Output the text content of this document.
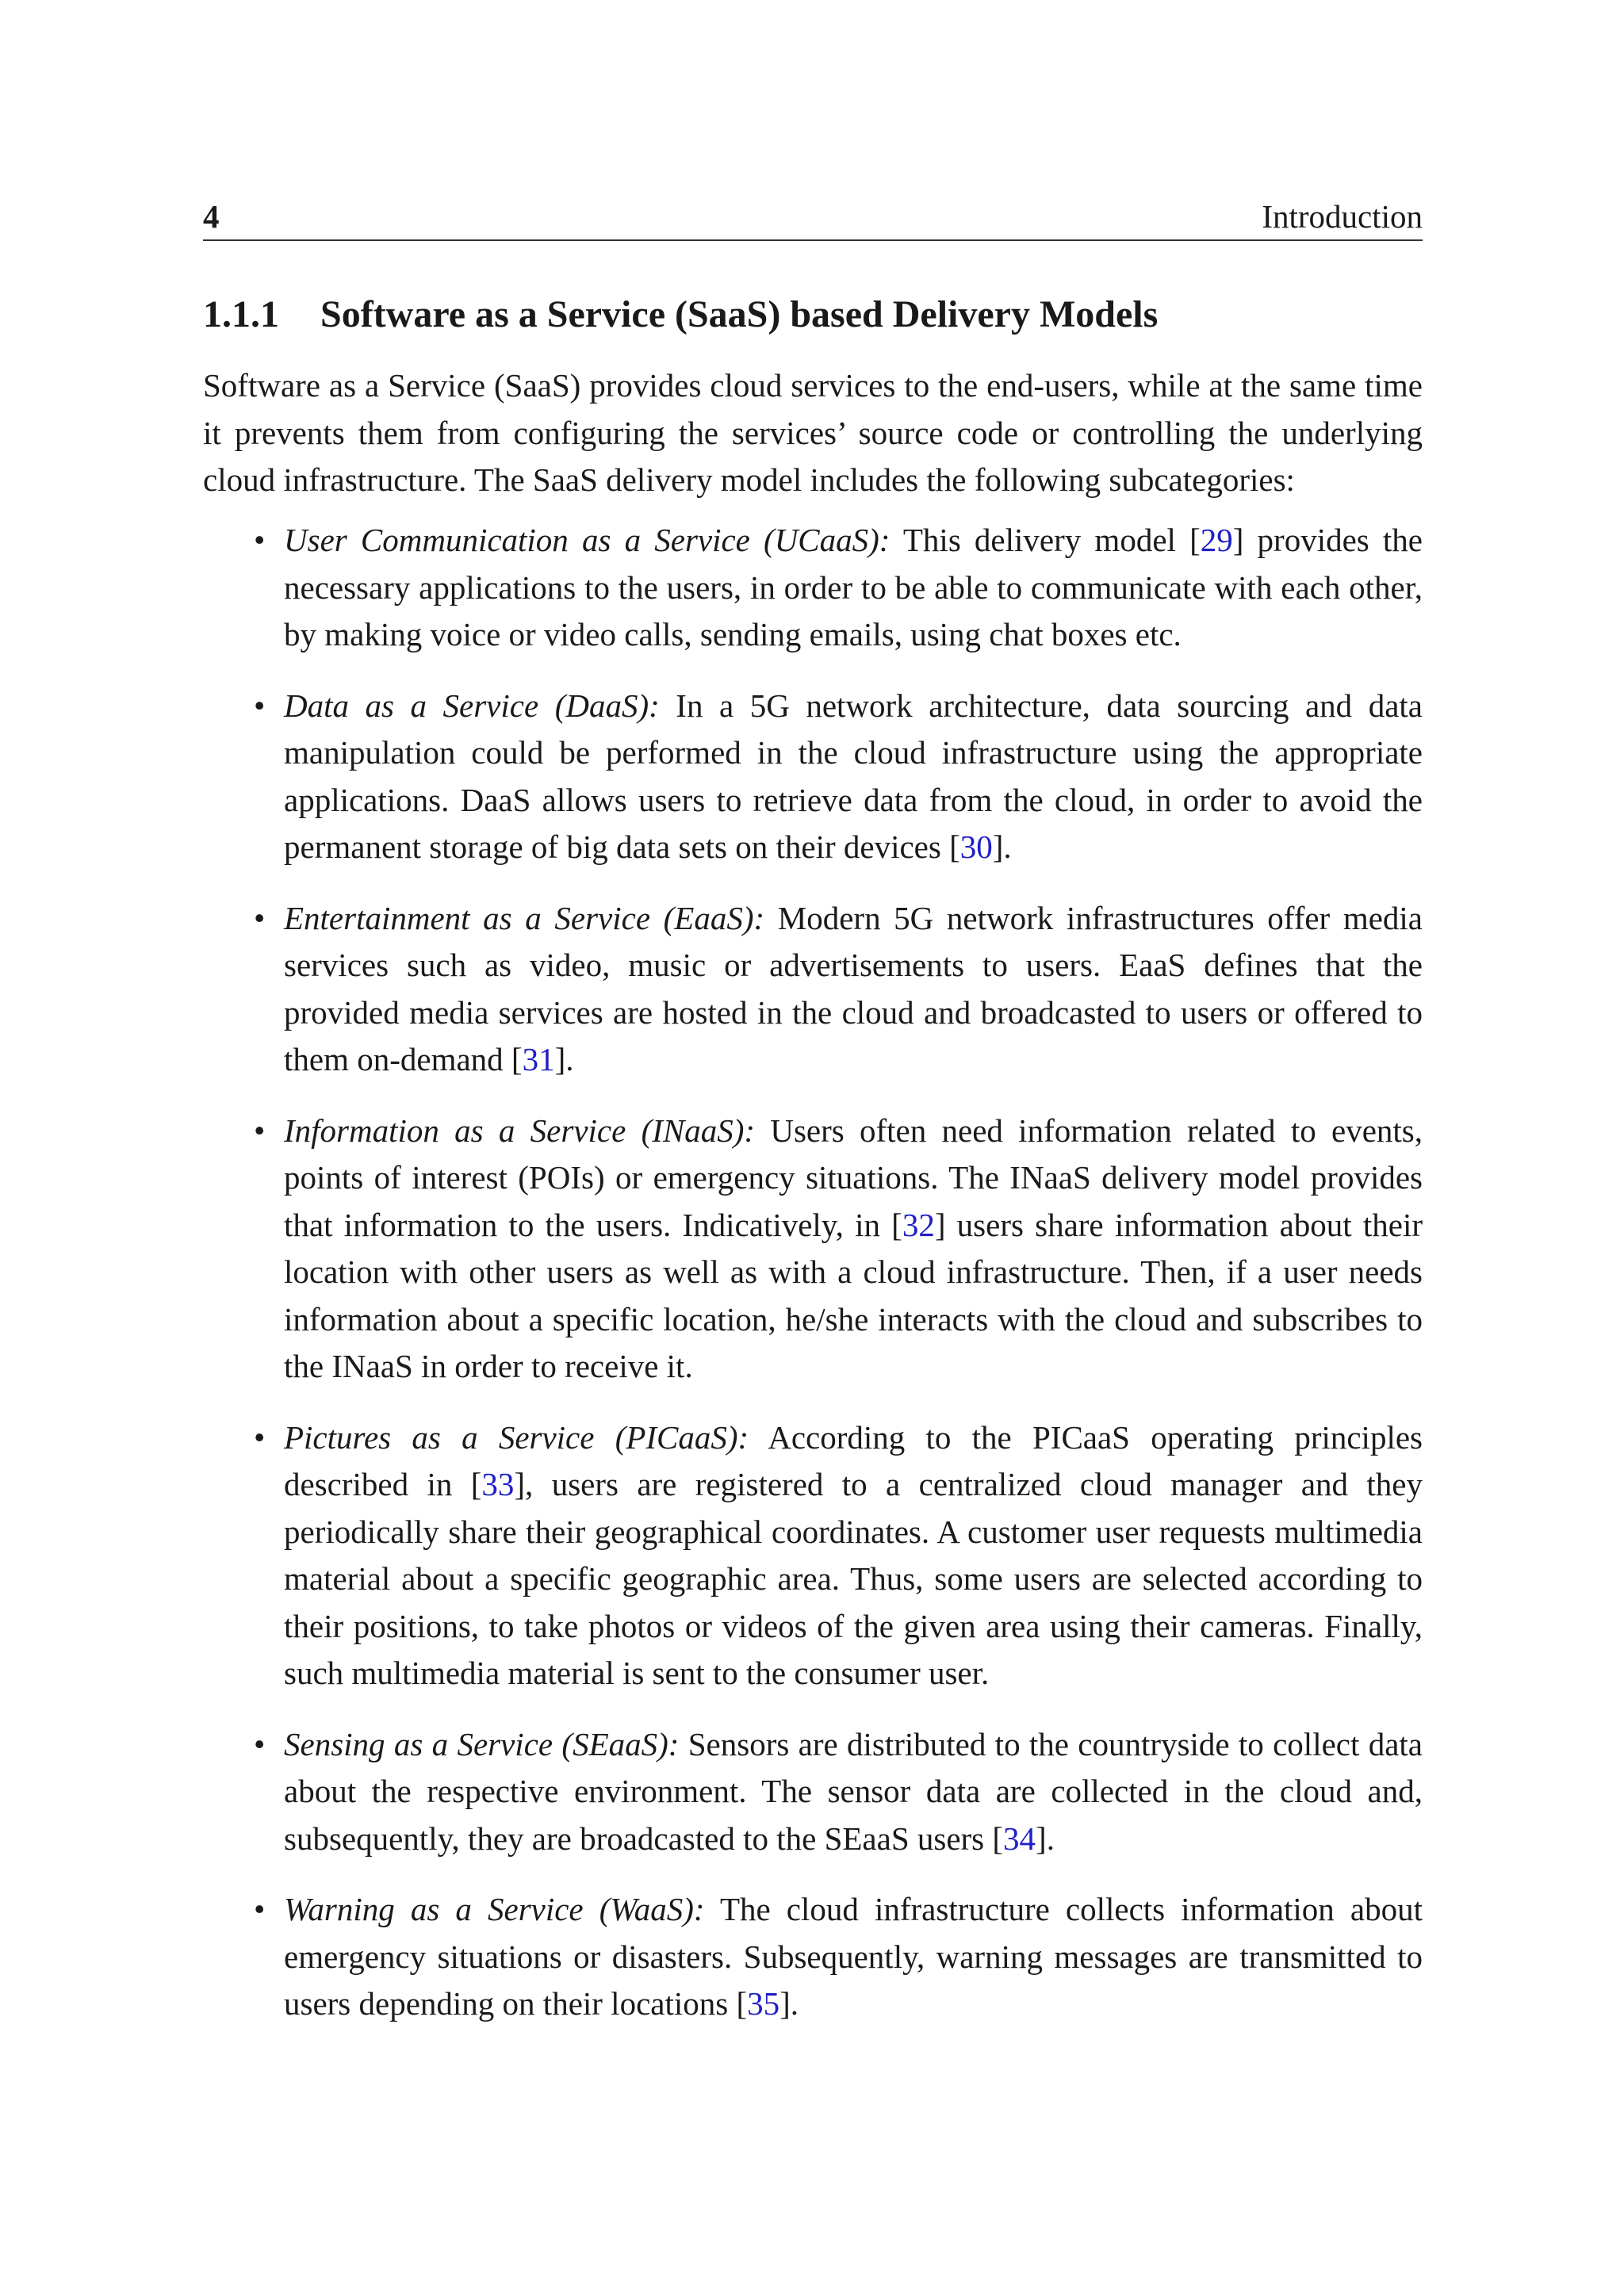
4	Introduction
1.1.1 Software as a Service (SaaS) based Delivery Models

Software as a Service (SaaS) provides cloud services to the end-users, while at the same time it prevents them from configuring the services’ source code or controlling the underlying cloud infrastructure. The SaaS delivery model includes the following subcategories:

• User Communication as a Service (UCaaS): This delivery model [29] provides the necessary applications to the users, in order to be able to communicate with each other, by making voice or video calls, sending emails, using chat boxes etc.
• Data as a Service (DaaS): In a 5G network architecture, data sourcing and data manipulation could be performed in the cloud infrastructure using the appropriate applications. DaaS allows users to retrieve data from the cloud, in order to avoid the permanent storage of big data sets on their devices [30].
• Entertainment as a Service (EaaS): Modern 5G network infrastructures offer media services such as video, music or advertisements to users. EaaS defines that the provided media services are hosted in the cloud and broadcasted to users or offered to them on-demand [31].
• Information as a Service (INaaS): Users often need information related to events, points of interest (POIs) or emergency situations. The INaaS delivery model provides that information to the users. Indicatively, in [32] users share information about their location with other users as well as with a cloud infrastructure. Then, if a user needs information about a specific location, he/she interacts with the cloud and subscribes to the INaaS in order to receive it.
• Pictures as a Service (PICaaS): According to the PICaaS operating principles described in [33], users are registered to a centralized cloud manager and they periodically share their geographical coordinates. A customer user requests multimedia material about a specific geographic area. Thus, some users are selected according to their positions, to take photos or videos of the given area using their cameras. Finally, such multimedia material is sent to the consumer user.
• Sensing as a Service (SEaaS): Sensors are distributed to the countryside to collect data about the respective environment. The sensor data are collected in the cloud and, subsequently, they are broadcasted to the SEaaS users [34].
• Warning as a Service (WaaS): The cloud infrastructure collects information about emergency situations or disasters. Subsequently, warning messages are transmitted to users depending on their locations [35].
